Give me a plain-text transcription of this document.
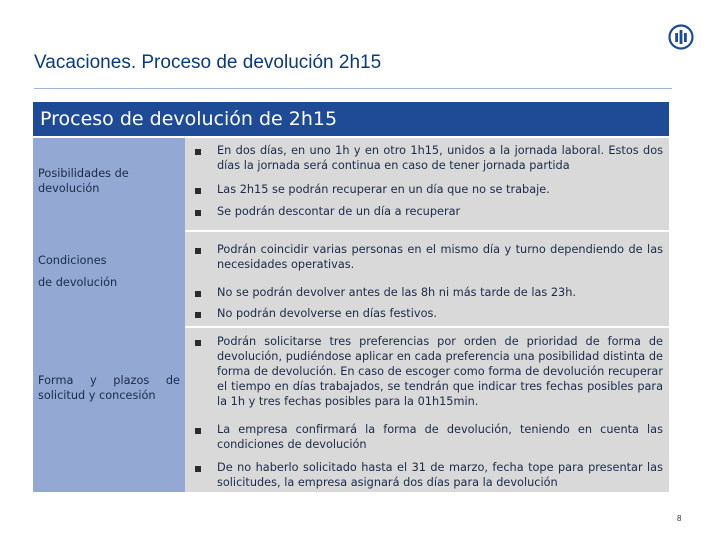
Vacaciones. Proceso de devolución 2h15
Proceso de devolución de 2h15
Posibilidades de devolución
Condiciones
de devolución
Forma y plazos de solicitud y concesión
En dos días, en uno 1h y en otro 1h15, unidos a la jornada laboral. Estos dos días la jornada será continua en caso de tener jornada partida
Las 2h15 se podrán recuperar en un día que no se trabaje.
Se podrán descontar de un día a recuperar
Podrán coincidir varias personas en el mismo día y turno dependiendo de las necesidades operativas.
No se podrán devolver antes de las 8h ni más tarde de las 23h.
No podrán devolverse en días festivos.
Podrán solicitarse tres preferencias por orden de prioridad de forma de devolución, pudiéndose aplicar en cada preferencia una posibilidad distinta de forma de devolución. En caso de escoger como forma de devolución recuperar el tiempo en días trabajados, se tendrán que indicar tres fechas posibles para la 1h y tres fechas posibles para la 01h15min.
La empresa confirmará la forma de devolución, teniendo en cuenta las condiciones de devolución
De no haberlo solicitado hasta el 31 de marzo, fecha tope para presentar las solicitudes, la empresa asignará dos días para la devolución
8
